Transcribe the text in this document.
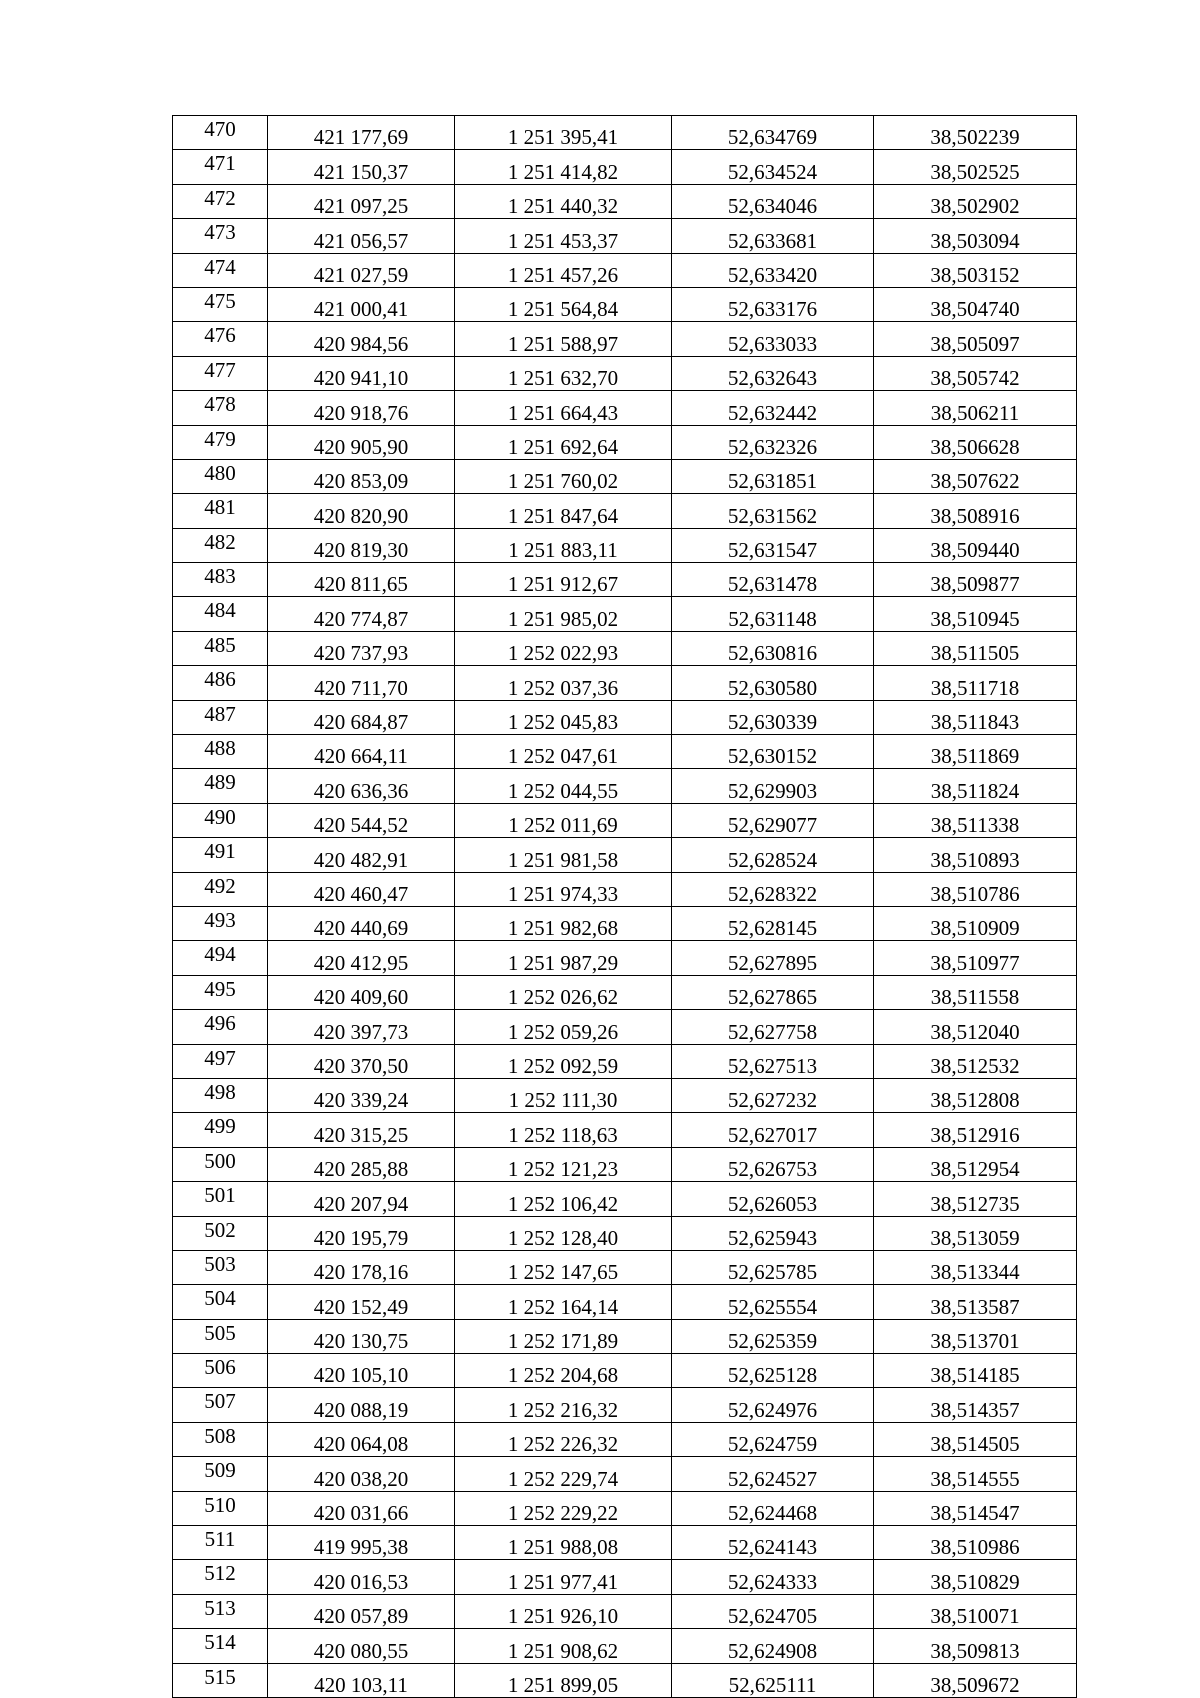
470	421 177,69	1 251 395,41	52,634769	38,502239
471	421 150,37	1 251 414,82	52,634524	38,502525
472	421 097,25	1 251 440,32	52,634046	38,502902
473	421 056,57	1 251 453,37	52,633681	38,503094
474	421 027,59	1 251 457,26	52,633420	38,503152
475	421 000,41	1 251 564,84	52,633176	38,504740
476	420 984,56	1 251 588,97	52,633033	38,505097
477	420 941,10	1 251 632,70	52,632643	38,505742
478	420 918,76	1 251 664,43	52,632442	38,506211
479	420 905,90	1 251 692,64	52,632326	38,506628
480	420 853,09	1 251 760,02	52,631851	38,507622
481	420 820,90	1 251 847,64	52,631562	38,508916
482	420 819,30	1 251 883,11	52,631547	38,509440
483	420 811,65	1 251 912,67	52,631478	38,509877
484	420 774,87	1 251 985,02	52,631148	38,510945
485	420 737,93	1 252 022,93	52,630816	38,511505
486	420 711,70	1 252 037,36	52,630580	38,511718
487	420 684,87	1 252 045,83	52,630339	38,511843
488	420 664,11	1 252 047,61	52,630152	38,511869
489	420 636,36	1 252 044,55	52,629903	38,511824
490	420 544,52	1 252 011,69	52,629077	38,511338
491	420 482,91	1 251 981,58	52,628524	38,510893
492	420 460,47	1 251 974,33	52,628322	38,510786
493	420 440,69	1 251 982,68	52,628145	38,510909
494	420 412,95	1 251 987,29	52,627895	38,510977
495	420 409,60	1 252 026,62	52,627865	38,511558
496	420 397,73	1 252 059,26	52,627758	38,512040
497	420 370,50	1 252 092,59	52,627513	38,512532
498	420 339,24	1 252 111,30	52,627232	38,512808
499	420 315,25	1 252 118,63	52,627017	38,512916
500	420 285,88	1 252 121,23	52,626753	38,512954
501	420 207,94	1 252 106,42	52,626053	38,512735
502	420 195,79	1 252 128,40	52,625943	38,513059
503	420 178,16	1 252 147,65	52,625785	38,513344
504	420 152,49	1 252 164,14	52,625554	38,513587
505	420 130,75	1 252 171,89	52,625359	38,513701
506	420 105,10	1 252 204,68	52,625128	38,514185
507	420 088,19	1 252 216,32	52,624976	38,514357
508	420 064,08	1 252 226,32	52,624759	38,514505
509	420 038,20	1 252 229,74	52,624527	38,514555
510	420 031,66	1 252 229,22	52,624468	38,514547
511	419 995,38	1 251 988,08	52,624143	38,510986
512	420 016,53	1 251 977,41	52,624333	38,510829
513	420 057,89	1 251 926,10	52,624705	38,510071
514	420 080,55	1 251 908,62	52,624908	38,509813
515	420 103,11	1 251 899,05	52,625111	38,509672
